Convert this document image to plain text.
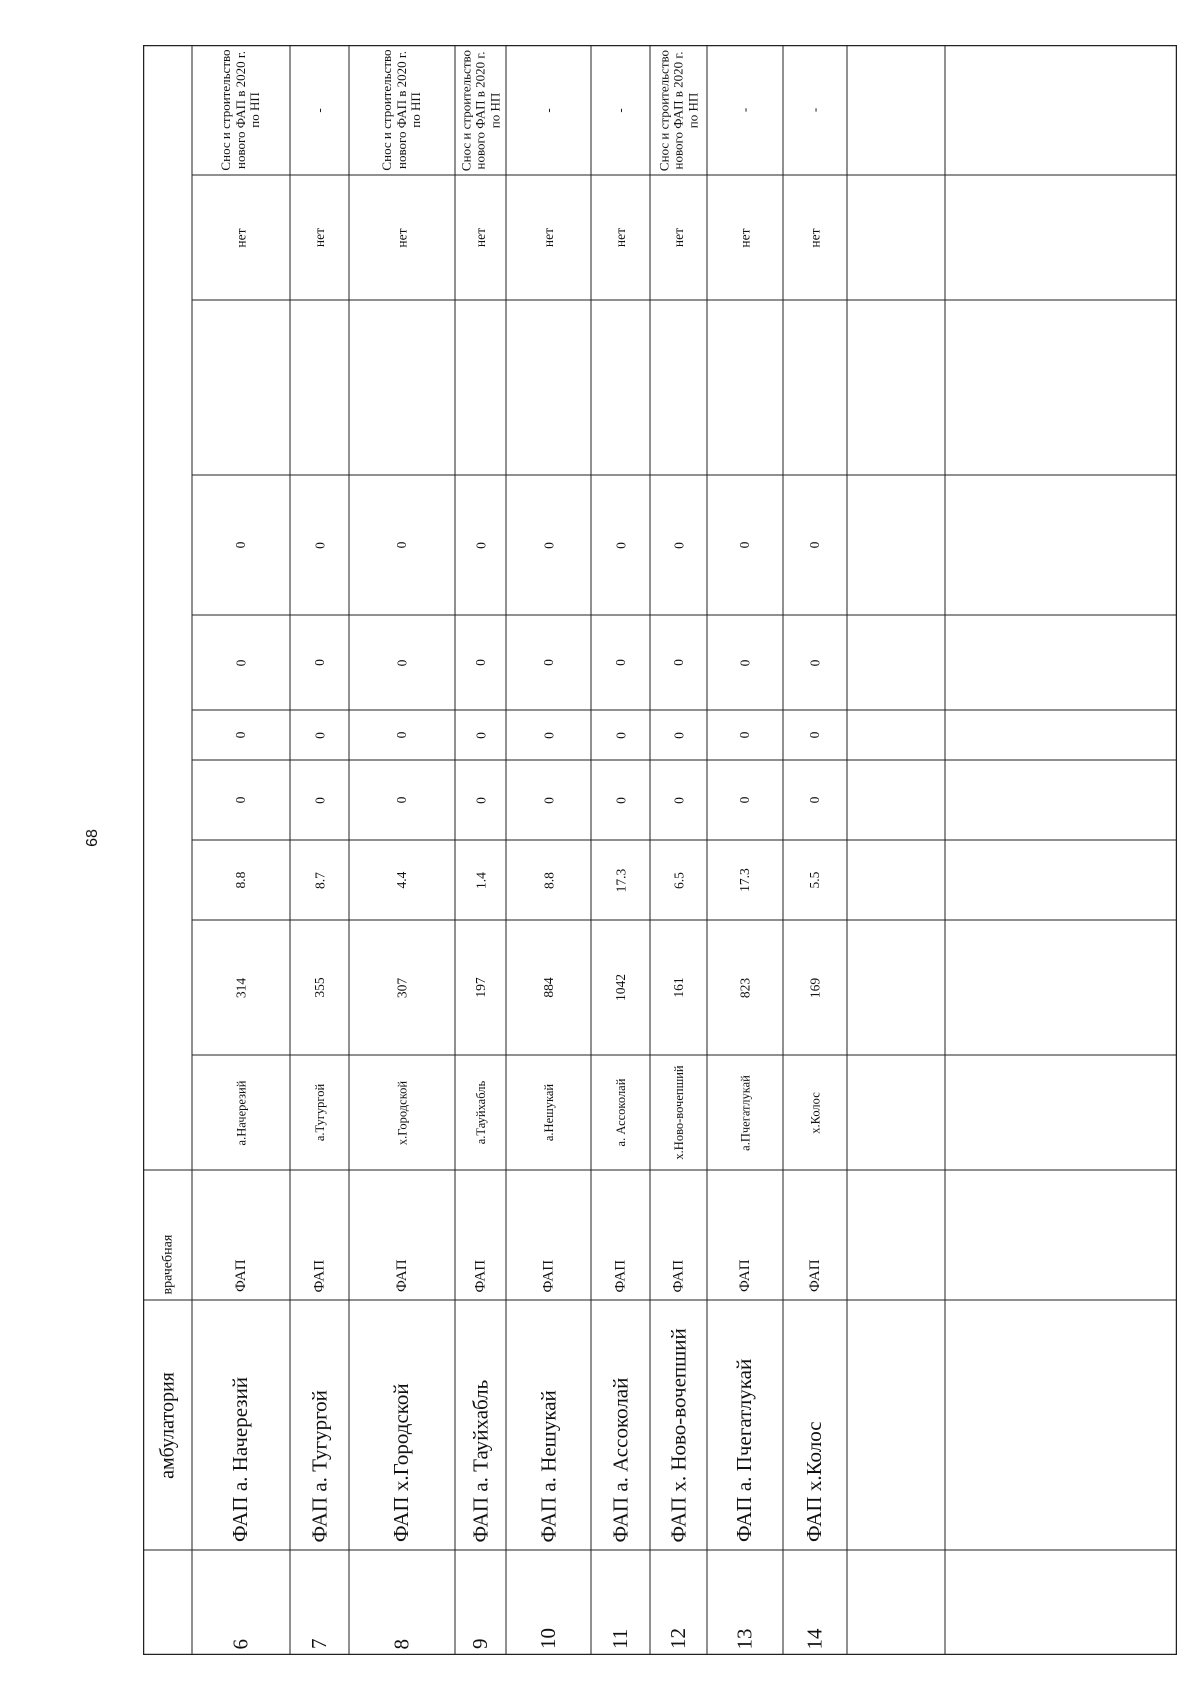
68
амбулатория
врачебная
Снос и строительство нового ФАП в 2020 г. по НП
нет
0
0
0
0
8.8
314
а.Начерезий
ФАП
ФАП а. Начерезий
6
-
нет
0
0
0
0
8.7
355
а.Тугургой
ФАП
ФАП а. Тугургой
7
Снос и строительство нового ФАП в 2020 г. по НП
нет
0
0
0
0
4.4
307
х.Городской
ФАП
ФАП х.Городской
8
Снос и строительство нового ФАП в 2020 г. по НП
нет
0
0
0
0
1.4
197
а.Тауйхабль
ФАП
ФАП а. Тауйхабль
9
-
нет
0
0
0
0
8.8
884
а.Нешукай
ФАП
ФАП а. Нешукай
10
-
нет
0
0
0
0
17.3
1042
а. Ассоколай
ФАП
ФАП а. Ассоколай
11
Снос и строительство нового ФАП в 2020 г. по НП
нет
0
0
0
0
6.5
161
х.Ново-вочепший
ФАП
ФАП х. Ново-вочепший
12
-
нет
0
0
0
0
17.3
823
а.Пчегатлукай
ФАП
ФАП а. Пчегатлукай
13
-
нет
0
0
0
0
5.5
169
х.Колос
ФАП
ФАП х.Колос
14
